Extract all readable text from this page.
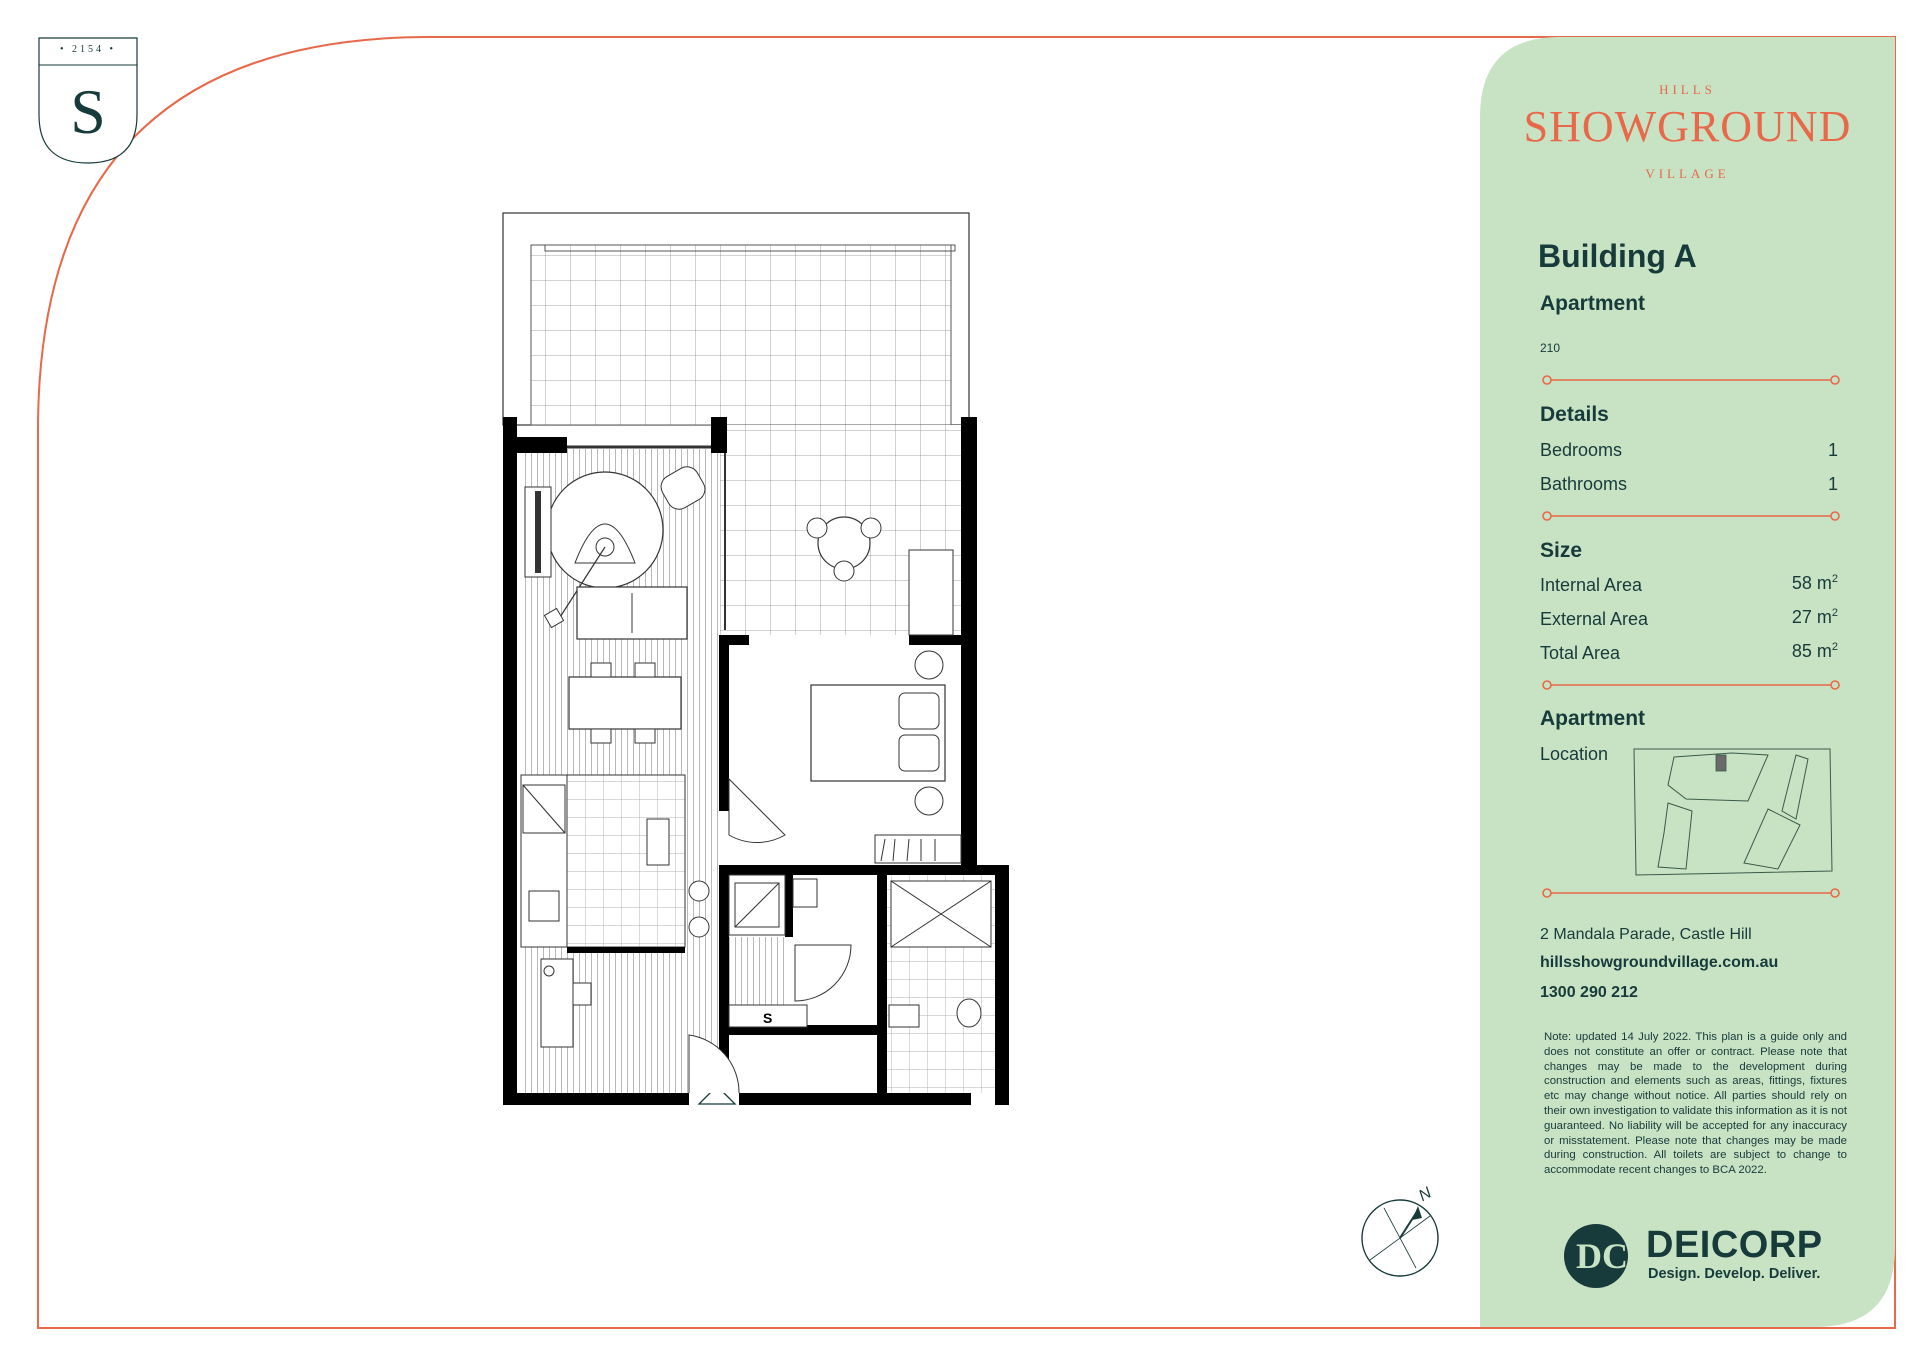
• 2154 •
S	HILLS
SHOWGROUND
VILLAGE
Building A
Apartment
210
Details
Bedrooms	1
Bathrooms	1
Size
Internal Area	58 $m^2$
External Area	27 $m^2$
Total Area	85 $m^2$
Apartment
Location
2 Mandala Parade, Castle Hill
hillsshowgroundvillage.com.au
1300 290 212
Note: updated 14 July 2022. This plan is a guide only and does not constitute an offer or contract. Please note that changes may be made to the development during construction and elements such as areas, fittings, fixtures etc may change without notice. All parties should rely on their own investigation to validate this information as it is not guaranteed. No liability will be accepted for any inaccuracy or misstatement. Please note that changes may be made during construction. All toilets are subject to change to accommodate recent changes to BCA 2022.
DC DEICORP
Design. Develop. Deliver.
N
S
